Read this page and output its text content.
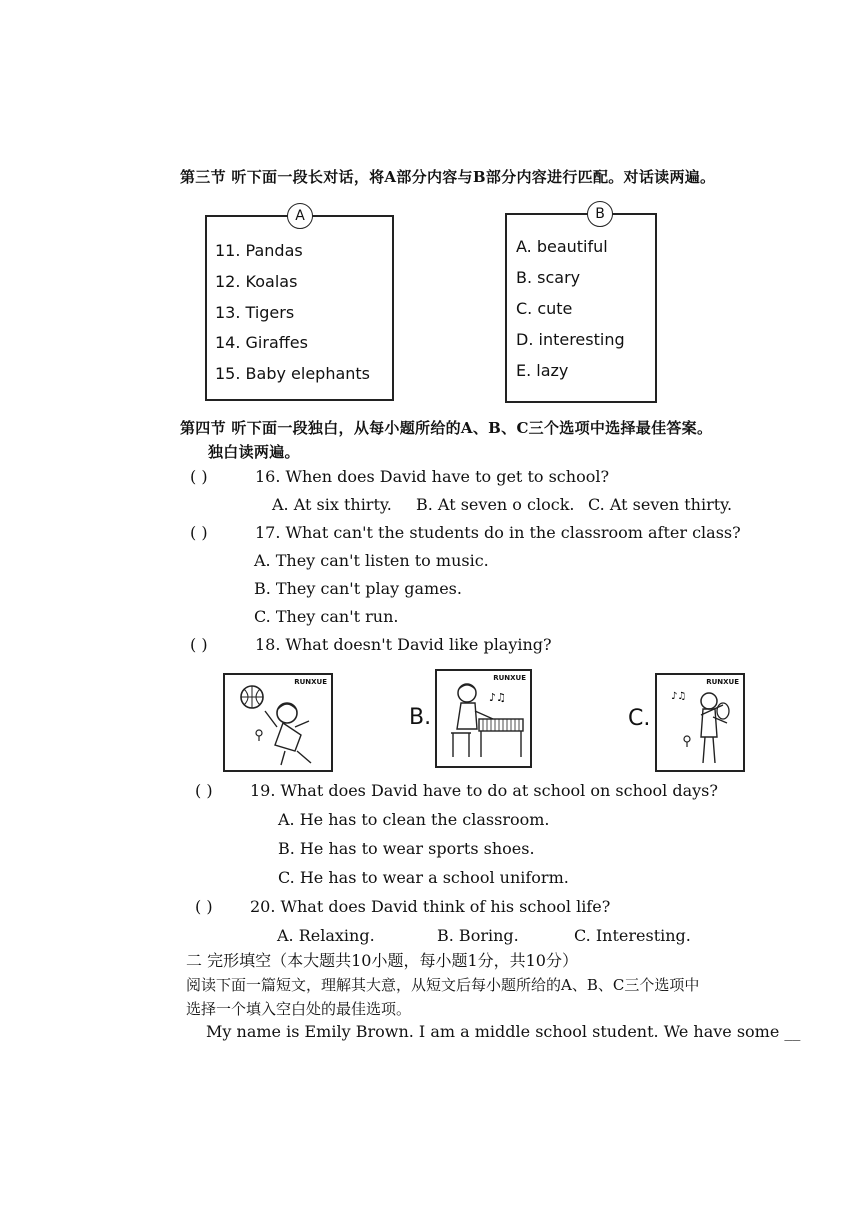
第三节 听下面一段长对话，将A部分内容与B部分内容进行匹配。对话读两遍。
A
11. Pandas
12. Koalas
13. Tigers
14. Giraffes
15. Baby elephants
B
A. beautiful
B. scary
C. cute
D. interesting
E. lazy
第四节 听下面一段独白，从每小题所给的A、B、C三个选项中选择最佳答案。
独白读两遍。
( )	16. When does David have to get to school?
A. At six thirty. B. At seven o clock. C. At seven thirty.
( )	17. What can't the students do in the classroom after class?
A. They can't listen to music.
B. They can't play games.
C. They can't run.
( )	18. What doesn't David like playing?
RUNXUE
B.
RUNXUE
♪♫
C.
RUNXUE
♪♫
( ) 19. What does David have to do at school on school days?
A. He has to clean the classroom.
B. He has to wear sports shoes.
C. He has to wear a school uniform.
( ) 20. What does David think of his school life?
A. Relaxing.	B. Boring.	C. Interesting.
二 完形填空（本大题共10小题，每小题1分，共10分）
阅读下面一篇短文，理解其大意，从短文后每小题所给的A、B、C三个选项中
选择一个填入空白处的最佳选项。
My name is Emily Brown. I am a middle school student. We have some __
